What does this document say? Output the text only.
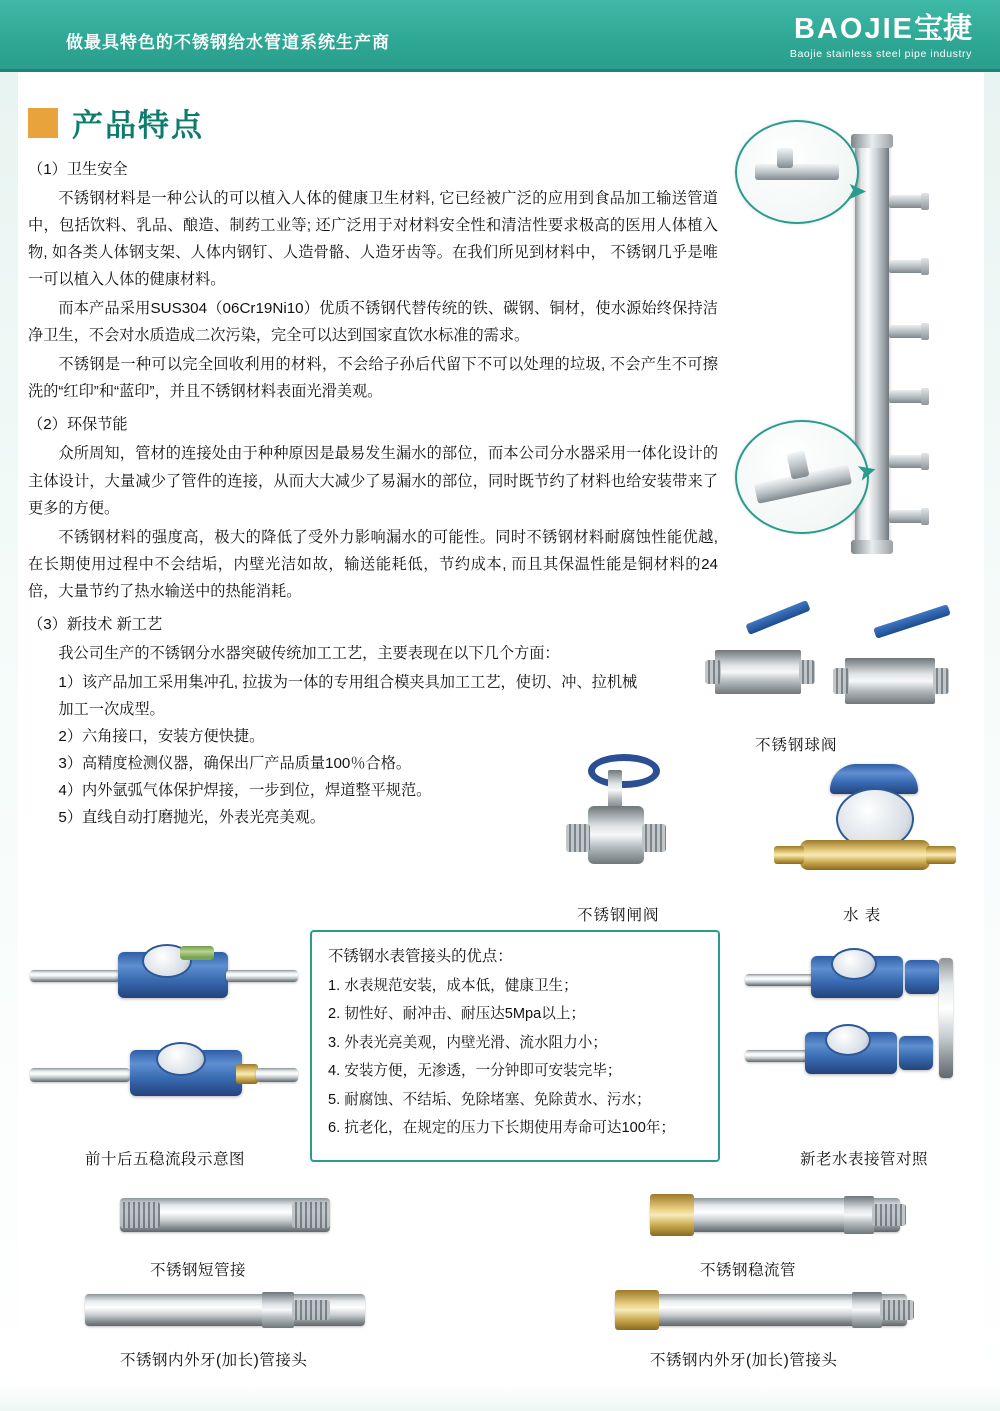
做最具特色的不锈钢给水管道系统生产商	BAOJIE宝捷
Baojie stainless steel pipe industry
产品特点
（1）卫生安全

不锈钢材料是一种公认的可以植入人体的健康卫生材料, 它已经被广泛的应用到食品加工输送管道中，包括饮料、乳品、酿造、制药工业等; 还广泛用于对材料安全性和清洁性要求极高的医用人体植入物, 如各类人体钢支架、人体内钢钉、人造骨骼、人造牙齿等。在我们所见到材料中， 不锈钢几乎是唯一可以植入人体的健康材料。

而本产品采用SUS304（06Cr19Ni10）优质不锈钢代替传统的铁、碳钢、铜材，使水源始终保持洁净卫生，不会对水质造成二次污染，完全可以达到国家直饮水标准的需求。

不锈钢是一种可以完全回收利用的材料，不会给子孙后代留下不可以处理的垃圾, 不会产生不可擦洗的“红印”和“蓝印”，并且不锈钢材料表面光滑美观。

（2）环保节能

众所周知，管材的连接处由于种种原因是最易发生漏水的部位，而本公司分水器采用一体化设计的主体设计，大量减少了管件的连接，从而大大减少了易漏水的部位，同时既节约了材料也给安装带来了更多的方便。

不锈钢材料的强度高，极大的降低了受外力影响漏水的可能性。同时不锈钢材料耐腐蚀性能优越, 在长期使用过程中不会结垢，内壁光洁如故，输送能耗低，节约成本, 而且其保温性能是铜材料的24倍，大量节约了热水输送中的热能消耗。

（3）新技术 新工艺

我公司生产的不锈钢分水器突破传统加工工艺，主要表现在以下几个方面：

1）该产品加工采用集冲孔, 拉拔为一体的专用组合模夹具加工工艺，使切、冲、拉机械

加工一次成型。

2）六角接口，安装方便快捷。

3）高精度检测仪器，确保出厂产品质量100％合格。

4）内外氩弧气体保护焊接，一步到位，焊道整平规范。

5）直线自动打磨抛光，外表光亮美观。

➤
➤
不锈钢球阀
不锈钢闸阀	水 表
前十后五稳流段示意图
不锈钢水表管接头的优点：
1. 水表规范安装，成本低，健康卫生；
2. 韧性好、耐冲击、耐压达5Mpa以上；
3. 外表光亮美观，内壁光滑、流水阻力小；
4. 安装方便，无渗透，一分钟即可安装完毕；
5. 耐腐蚀、不结垢、免除堵塞、免除黄水、污水；
6. 抗老化，在规定的压力下长期使用寿命可达100年；
新老水表接管对照
不锈钢短管接	不锈钢稳流管
不锈钢内外牙(加长)管接头	不锈钢内外牙(加长)管接头
